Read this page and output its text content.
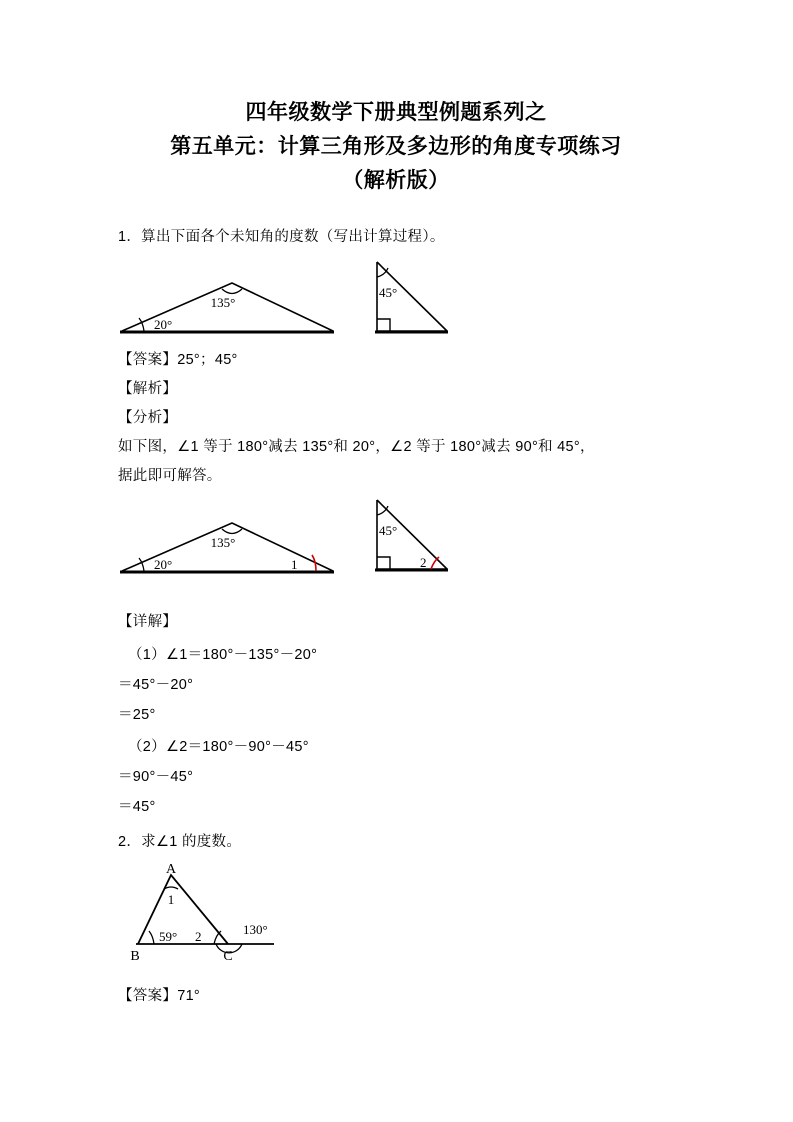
四年级数学下册典型例题系列之
第五单元：计算三角形及多边形的角度专项练习
（解析版）
1．算出下面各个未知角的度数（写出计算过程）。
135°
20°
45°
【答案】25°；45°
【解析】
【分析】
如下图，∠1 等于 180°减去 135°和 20°，∠2 等于 180°减去 90°和 45°，
据此即可解答。
135°
20°	1
45°
2
【详解】
（1）∠1＝180°－135°－20°
＝45°－20°
＝25°
（2）∠2＝180°－90°－45°
＝90°－45°
＝45°
2．求∠1 的度数。
A
B	C
1
59° 2	130°
【答案】71°
